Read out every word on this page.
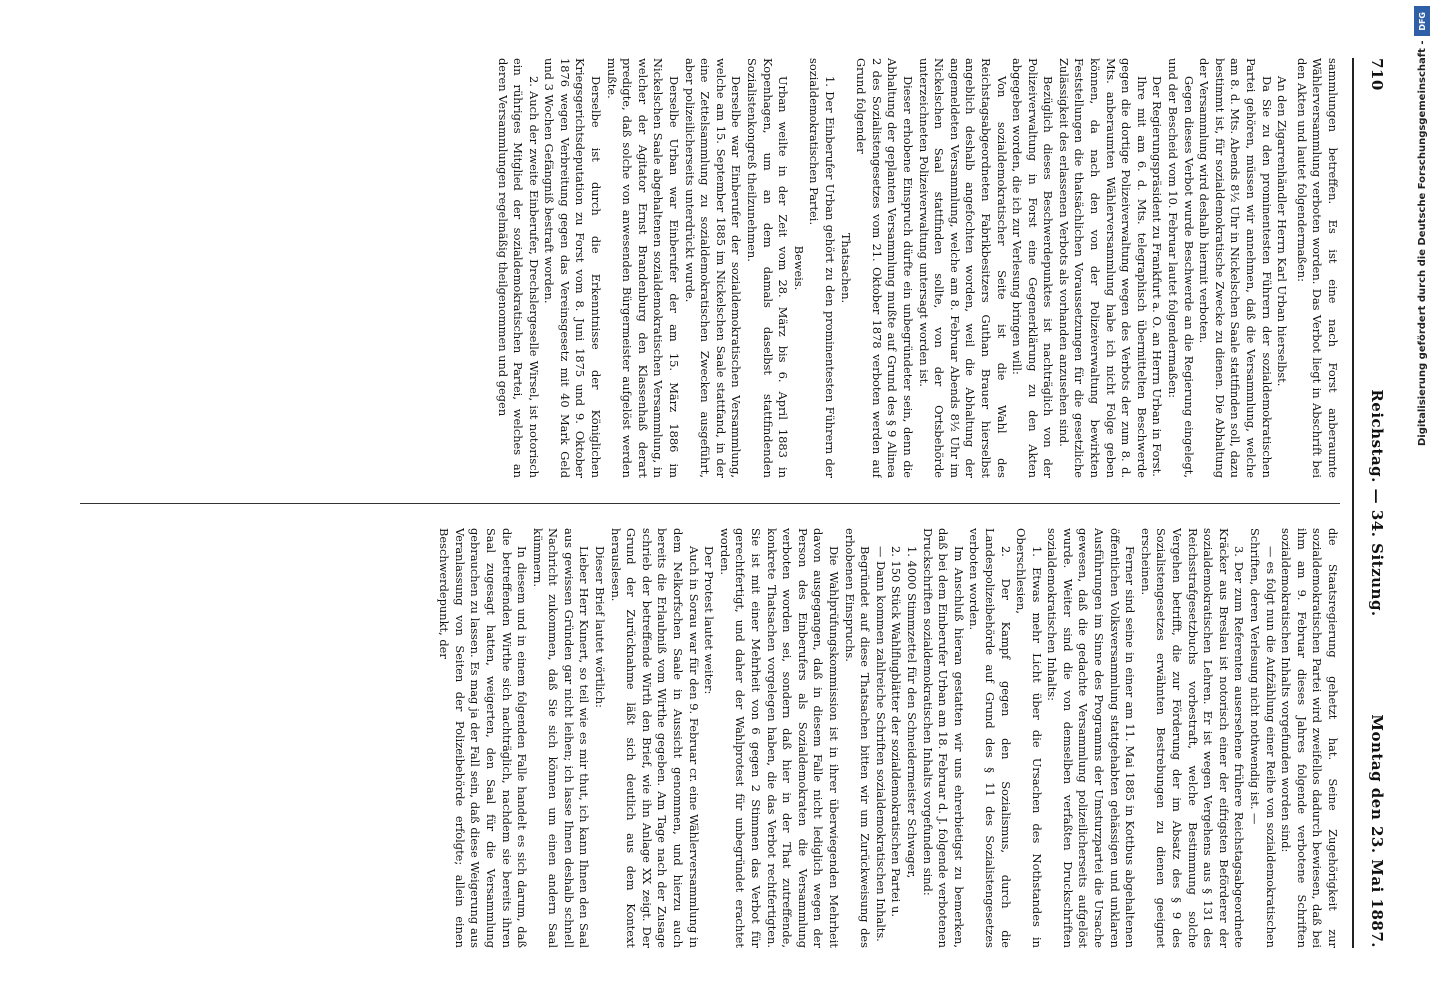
710
Reichstag. — 34. Sitzung.
Montag den 23. Mai 1887.

sammlungen betreffen. Es ist eine nach Forst anberaumte Wählerversammlung verboten worden. Das Verbot liegt in Abschrift bei den Akten und lautet folgendermaßen:

An den Zigarrenhändler Herrn Karl Urban hierselbst.

Da Sie zu den prominentesten Führern der sozialdemokratischen Partei gehören, müssen wir annehmen, daß die Versammlung, welche am 8. d. Mts. Abends 8½ Uhr in Nickelschen Saale stattfinden soll, dazu bestimmt ist, für sozialdemokratische Zwecke zu dienen. Die Abhaltung der Versammlung wird deshalb hiermit verboten.

Gegen dieses Verbot wurde Beschwerde an die Regierung eingelegt, und der Bescheid vom 10. Februar lautet folgendermaßen:

Der Regierungspräsident zu Frankfurt a. O. an Herrn Urban in Forst.

Ihre mit am 6. d. Mts. telegraphisch übermittelten Beschwerde gegen die dortige Polizeiverwaltung wegen des Verbots der zum 8. d. Mts. anberaumten Wählerversammlung habe ich nicht Folge geben können, da nach den von der Polizeiverwaltung bewirkten Feststellungen die thatsächlichen Voraussetzungen für die gesetzliche Zulässigkeit des erlassenen Verbots als vorhanden anzusehen sind.

Bezüglich dieses Beschwerdepunktes ist nachträglich von der Polizeiverwaltung in Forst eine Gegenerklärung zu den Akten abgegeben worden, die ich zur Verlesung bringen will:

Von sozialdemokratischer Seite ist die Wahl des Reichstagsabgeordneten Fabrikbesitzers Guthan Brauer hierselbst angeblich deshalb angefochten worden, weil die Abhaltung der angemeldeten Versammlung, welche am 8. Februar Abends 8½ Uhr im Nickelschen Saal stattfinden sollte, von der Ortsbehörde unterzeichneten Polizeiverwaltung untersagt worden ist.

Dieser erhobene Einspruch dürfte ein unbegründeter sein, denn die Abhaltung der geplanten Versammlung mußte auf Grund des § 9 Alinea 2 des Sozialistengesetzes vom 21. Oktober 1878 verboten werden auf Grund folgender

Thatsachen.

1. Der Einberufer Urban gehört zu den prominentesten Führern der sozialdemokratischen Partei.

Beweis.

Urban weilte in der Zeit vom 28. März bis 6. April 1883 in Kopenhagen, um an dem damals daselbst stattfindenden Sozialistenkongreß theilzunehmen.

Derselbe war Einberufer der sozialdemokratischen Versammlung, welche am 15. September 1885 im Nickelschen Saale stattfand, in der eine Zettelsammlung zu sozialdemokratischen Zwecken ausgeführt, aber polizeilicherseits unterdrückt wurde.

Derselbe Urban war Einberufer der am 15. März 1886 im Nickelschen Saale abgehaltenen sozialdemokratischen Versammlung, in welcher der Agitator Ernst Brandenburg den Klassenhaß derart predigte, daß solche von anwesenden Bürgermeister aufgelöst werden mußte.

Derselbe ist durch die Erkenntnisse der Königlichen Kriegsgerichtsdeputation zu Forst vom 8. Juni 1875 und 9. Oktober 1876 wegen Verbreitung gegen das Vereinsgesetz mit 40 Mark Geld und 3 Wochen Gefängniß bestraft worden.

2. Auch der zweite Einberufer, Drechslergeselle Wirsel, ist notorisch ein rühriges Mitglied der sozialdemokratischen Partei, welches an deren Versammlungen regelmäßig theilgenommen und gegen

die Staatsregierung gehetzt hat. Seine Zugehörigkeit zur sozialdemokratischen Partei wird zweifellos dadurch bewiesen, daß bei ihm am 9. Februar dieses Jahres folgende verbotene Schriften sozialdemokratischen Inhalts vorgefunden worden sind:

— es folgt nun die Aufzählung einer Reihe von sozialdemokratischen Schriften, deren Verlesung nicht nothwendig ist. —

3. Der zum Referenten ausersehene frühere Reichstagsabgeordnete Kräcker aus Breslau ist notorisch einer der eifrigsten Beförderer der sozialdemokratischen Lehren. Er ist wegen Vergehens aus § 131 des Reichsstrafgesetzbuchs vorbestraft, welche Bestimmung solche Vergehen betrifft, die zur Förderung der im Absatz des § 9 des Sozialistengesetzes erwähnten Bestrebungen zu dienen geeignet erscheinen.

Ferner sind seine in einer am 11. Mai 1885 in Kottbus abgehaltenen öffentlichen Volksversammlung stattgehabten gehässigen und unklaren Ausführungen im Sinne des Programms der Umsturzpartei die Ursache gewesen, daß die gedachte Versammlung polizeilicherseits aufgelöst wurde. Weiter sind die von demselben verfaßten Druckschriften sozialdemokratischen Inhalts:

1. Etwas mehr Licht über die Ursachen des Nothstandes in Oberschlesien,

2. Der Kampf gegen den Sozialismus, durch die Landespolizeibehörde auf Grund des § 11 des Sozialistengesetzes verboten worden.

Im Anschluß hieran gestatten wir uns ehrerbietigst zu bemerken, daß bei dem Einberufer Urban am 18. Februar d. J. folgende verbotenen Druckschriften sozialdemokratischen Inhalts vorgefunden sind:

1. 4000 Stimmzettel für den Schneidermeister Schwager,

2. 150 Stück Wahlflugblätter der sozialdemokratischen Partei u.

— Dann kommen zahlreiche Schriften sozialdemokratischen Inhalts.

Begründet auf diese Thatsachen bitten wir um Zurückweisung des erhobenen Einspruchs.

Die Wahlprüfungskommission ist in ihrer überwiegenden Mehrheit davon ausgegangen, daß in diesem Falle nicht lediglich wegen der Person des Einberufers als Sozialdemokraten die Versammlung verboten worden sei, sondern daß hier in der That zutreffende, konkrete Thatsachen vorgelegen haben, die das Verbot rechtfertigten. Sie ist mit einer Mehrheit von 6 gegen 2 Stimmen das Verbot für gerechtfertigt, und daher der Wahlprotest für unbegründet erachtet worden.

Der Protest lautet weiter:

Auch in Sorau war für den 9. Februar cr. eine Wählerversammlung in dem Nelkorfschen Saale in Aussicht genommen, und hierzu auch bereits die Erlaubniß vom Wirthe gegeben. Am Tage nach der Zusage schrieb der betreffende Wirth den Brief, wie ihn Anlage XX zeigt. Der Grund der Zurücknahme läßt sich deutlich aus dem Kontext herauslesen.

Dieser Brief lautet wörtlich:

Lieber Herr Kunert, so teil wie es mir thut, ich kann Ihnen den Saal aus gewissen Gründen gar nicht leihen; ich lasse Ihnen deshalb schnell Nachricht zukommen, daß Sie sich können um einen andern Saal kümmern.

In diesem und in einem folgenden Falle handelt es sich darum, daß die betreffenden Wirthe sich nachträglich, nachdem sie bereits ihren Saal zugesagt hatten, weigerten, den Saal für die Versammlung gebrauchen zu lassen. Es mag ja der Fall sein, daß diese Weigerung aus Veranlassung von Seiten der Polizeibehörde erfolgte; allein einen Beschwerdepunkt, der

DFG
Digitalisierung gefördert durch die Deutsche Forschungsgemeinschaft -
